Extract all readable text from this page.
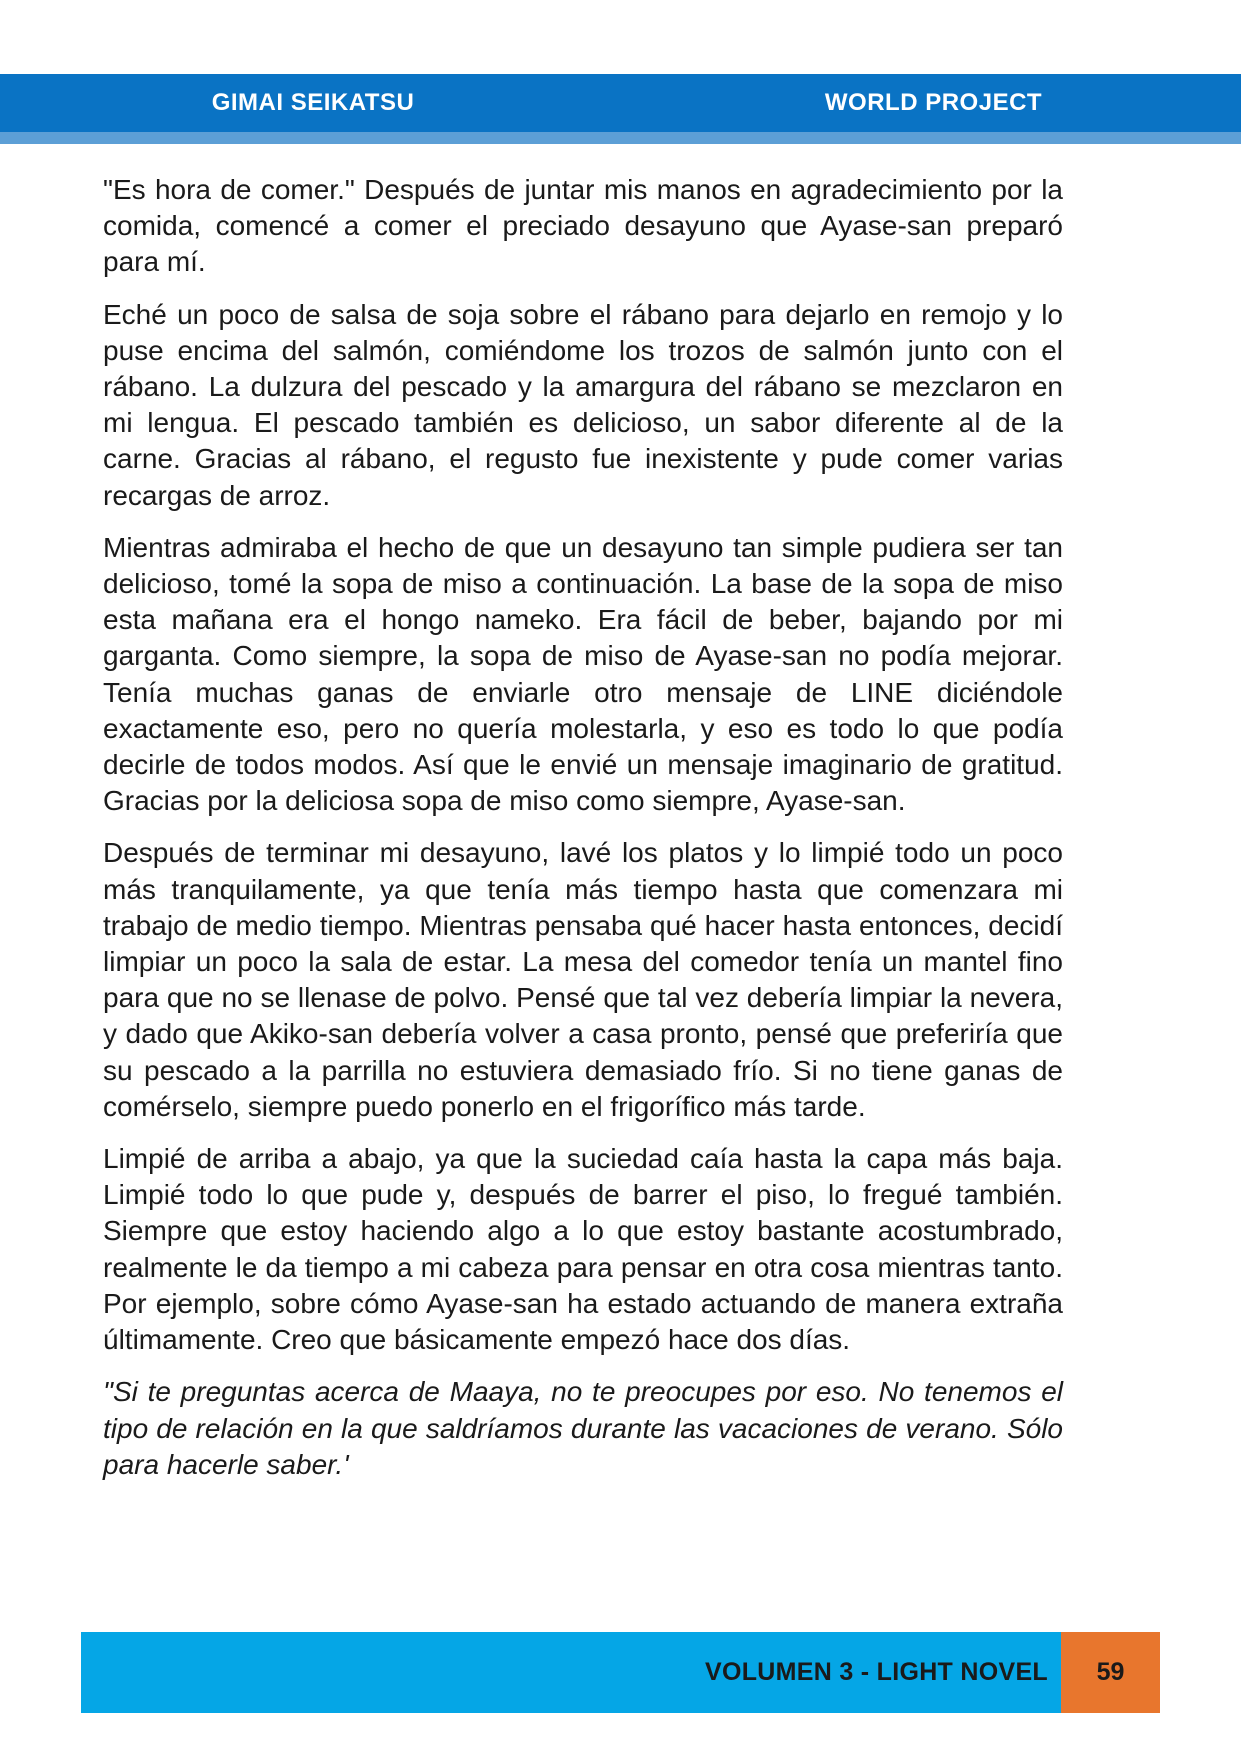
GIMAI SEIKATSU	WORLD PROJECT

"Es hora de comer." Después de juntar mis manos en agradecimiento por la comida, comencé a comer el preciado desayuno que Ayase-san preparó para mí.

Eché un poco de salsa de soja sobre el rábano para dejarlo en remojo y lo puse encima del salmón, comiéndome los trozos de salmón junto con el rábano. La dulzura del pescado y la amargura del rábano se mezclaron en mi lengua. El pescado también es delicioso, un sabor diferente al de la carne. Gracias al rábano, el regusto fue inexistente y pude comer varias recargas de arroz.

Mientras admiraba el hecho de que un desayuno tan simple pudiera ser tan delicioso, tomé la sopa de miso a continuación. La base de la sopa de miso esta mañana era el hongo nameko. Era fácil de beber, bajando por mi garganta. Como siempre, la sopa de miso de Ayase-san no podía mejorar. Tenía muchas ganas de enviarle otro mensaje de LINE diciéndole exactamente eso, pero no quería molestarla, y eso es todo lo que podía decirle de todos modos. Así que le envié un mensaje imaginario de gratitud. Gracias por la deliciosa sopa de miso como siempre, Ayase-san.

Después de terminar mi desayuno, lavé los platos y lo limpié todo un poco más tranquilamente, ya que tenía más tiempo hasta que comenzara mi trabajo de medio tiempo. Mientras pensaba qué hacer hasta entonces, decidí limpiar un poco la sala de estar. La mesa del comedor tenía un mantel fino para que no se llenase de polvo. Pensé que tal vez debería limpiar la nevera, y dado que Akiko-san debería volver a casa pronto, pensé que preferiría que su pescado a la parrilla no estuviera demasiado frío. Si no tiene ganas de comérselo, siempre puedo ponerlo en el frigorífico más tarde.

Limpié de arriba a abajo, ya que la suciedad caía hasta la capa más baja. Limpié todo lo que pude y, después de barrer el piso, lo fregué también. Siempre que estoy haciendo algo a lo que estoy bastante acostumbrado, realmente le da tiempo a mi cabeza para pensar en otra cosa mientras tanto. Por ejemplo, sobre cómo Ayase-san ha estado actuando de manera extraña últimamente. Creo que básicamente empezó hace dos días.

"Si te preguntas acerca de Maaya, no te preocupes por eso. No tenemos el tipo de relación en la que saldríamos durante las vacaciones de verano. Sólo para hacerle saber.'

VOLUMEN 3 - LIGHT NOVEL	59
